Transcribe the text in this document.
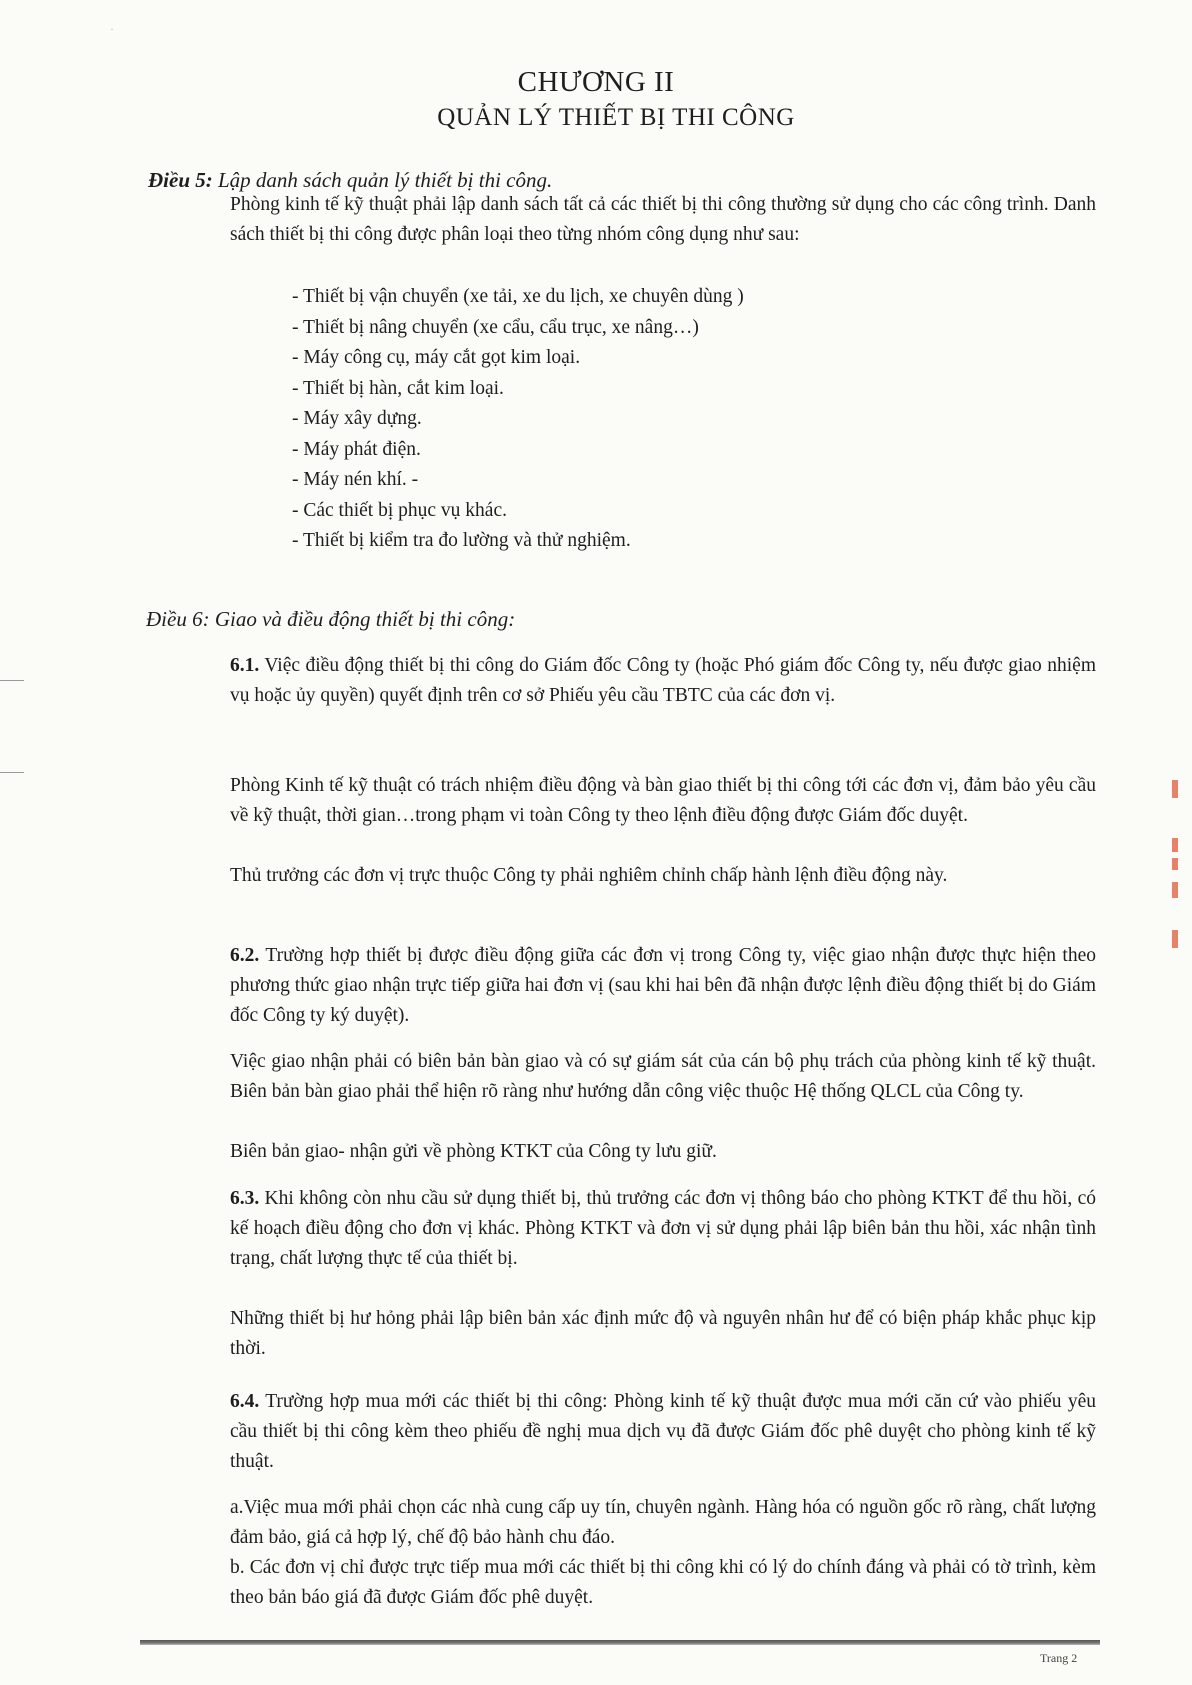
·
CHƯƠNG II
QUẢN LÝ THIẾT BỊ THI CÔNG
Điều 5: Lập danh sách quản lý thiết bị thi công.
Phòng kinh tế kỹ thuật phải lập danh sách tất cả các thiết bị thi công thường sử dụng cho các công trình. Danh sách thiết bị thi công được phân loại theo từng nhóm công dụng như sau:
- Thiết bị vận chuyển (xe tải, xe du lịch, xe chuyên dùng )
- Thiết bị nâng chuyển (xe cẩu, cẩu trục, xe nâng…)
- Máy công cụ, máy cắt gọt kim loại.
- Thiết bị hàn, cắt kim loại.
- Máy xây dựng.
- Máy phát điện.
- Máy nén khí. -
- Các thiết bị phục vụ khác.
- Thiết bị kiểm tra đo lường và thử nghiệm.
Điều 6: Giao và điều động thiết bị thi công:
6.1. Việc điều động thiết bị thi công do Giám đốc Công ty (hoặc Phó giám đốc Công ty, nếu được giao nhiệm vụ hoặc ủy quyền) quyết định trên cơ sở Phiếu yêu cầu TBTC của các đơn vị.
Phòng Kinh tế kỹ thuật có trách nhiệm điều động và bàn giao thiết bị thi công tới các đơn vị, đảm bảo yêu cầu về kỹ thuật, thời gian…trong phạm vi toàn Công ty theo lệnh điều động được Giám đốc duyệt.
Thủ trưởng các đơn vị trực thuộc Công ty phải nghiêm chỉnh chấp hành lệnh điều động này.
6.2. Trường hợp thiết bị được điều động giữa các đơn vị trong Công ty, việc giao nhận được thực hiện theo phương thức giao nhận trực tiếp giữa hai đơn vị (sau khi hai bên đã nhận được lệnh điều động thiết bị do Giám đốc Công ty ký duyệt).
Việc giao nhận phải có biên bản bàn giao và có sự giám sát của cán bộ phụ trách của phòng kinh tế kỹ thuật. Biên bản bàn giao phải thể hiện rõ ràng như hướng dẫn công việc thuộc Hệ thống QLCL của Công ty.
Biên bản giao- nhận gửi về phòng KTKT của Công ty lưu giữ.
6.3. Khi không còn nhu cầu sử dụng thiết bị, thủ trưởng các đơn vị thông báo cho phòng KTKT để thu hồi, có kế hoạch điều động cho đơn vị khác. Phòng KTKT và đơn vị sử dụng phải lập biên bản thu hồi, xác nhận tình trạng, chất lượng thực tế của thiết bị.
Những thiết bị hư hỏng phải lập biên bản xác định mức độ và nguyên nhân hư để có biện pháp khắc phục kịp thời.
6.4. Trường hợp mua mới các thiết bị thi công: Phòng kinh tế kỹ thuật được mua mới căn cứ vào phiếu yêu cầu thiết bị thi công kèm theo phiếu đề nghị mua dịch vụ đã được Giám đốc phê duyệt cho phòng kinh tế kỹ thuật.
a.Việc mua mới phải chọn các nhà cung cấp uy tín, chuyên ngành. Hàng hóa có nguồn gốc rõ ràng, chất lượng đảm bảo, giá cả hợp lý, chế độ bảo hành chu đáo.
b. Các đơn vị chỉ được trực tiếp mua mới các thiết bị thi công khi có lý do chính đáng và phải có tờ trình, kèm theo bản báo giá đã được Giám đốc phê duyệt.
Trang 2
